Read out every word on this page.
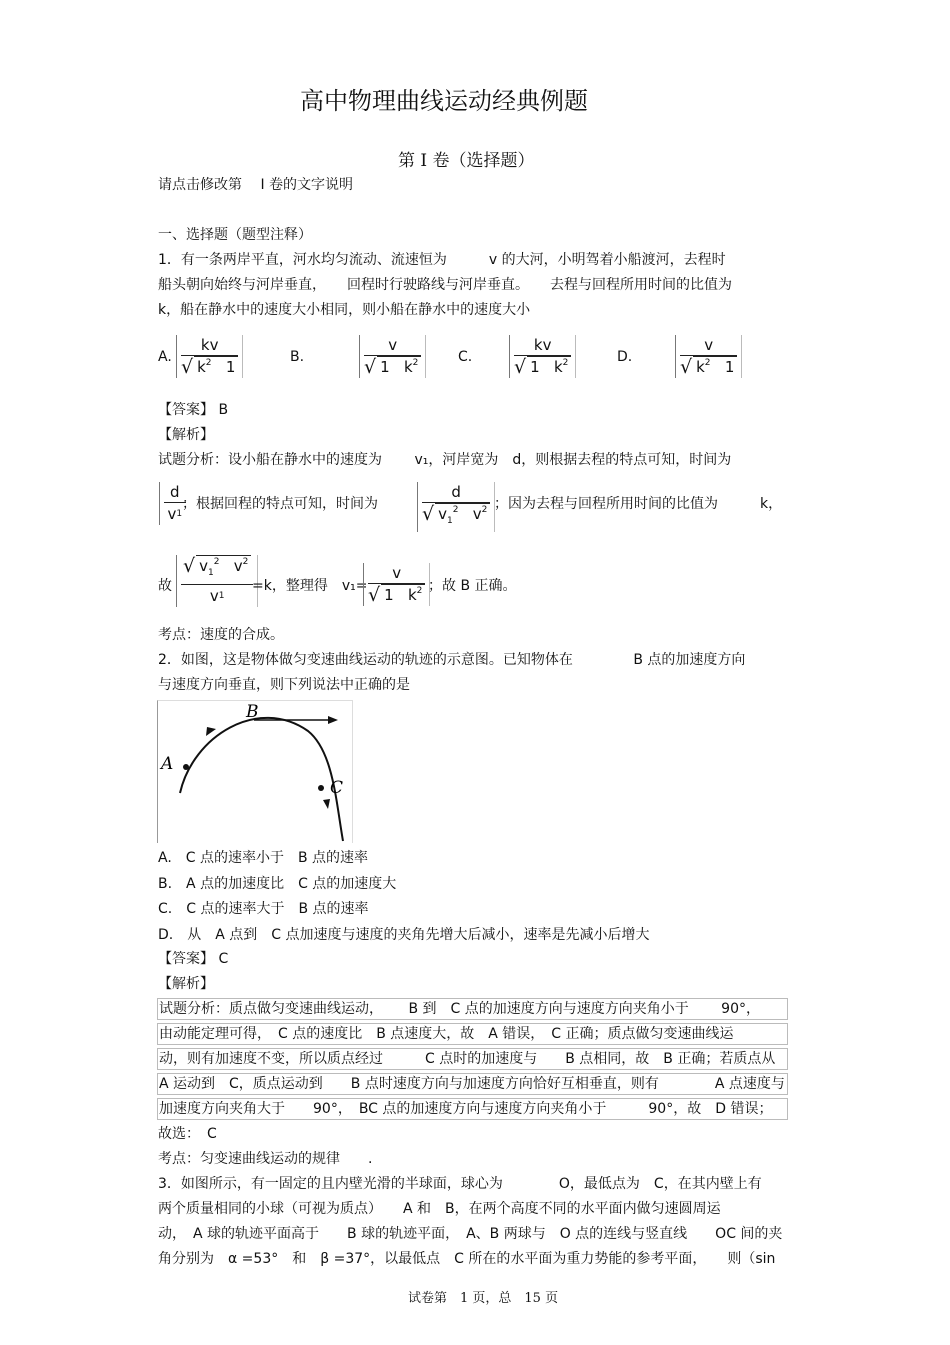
高中物理曲线运动经典例题
第 I 卷（选择题）
请点击修改第　 I 卷的文字说明
一、选择题（题型注释）
1．有一条两岸平直，河水均匀流动、流速恒为　　　v 的大河，小明驾着小船渡河，去程时
船头朝向始终与河岸垂直，　　回程时行驶路线与河岸垂直。　　去程与回程所用时间的比值为
k，船在静水中的速度大小相同，则小船在静水中的速度大小
A.
kv
√ $k^2$ 1
B.
v
√ 1 $k^2$	C.
kv
√ 1 $k^2$	D.
v
√ $k^2$ 1
【答案】 B
【解析】
试题分析：设小船在静水中的速度为　　 v₁，河岸宽为　d，则根据去程的特点可知，时间为
d
v 1
；根据回程的特点可知，时间为
d
√ $v_1^2$   $v^2$ ；因为去程与回程所用时间的比值为　　　k，
故
√ $v_1^2$   $v^2$
v 1
=k，整理得　v₁=
v
√ 1   $k^2$ ；故 B 正确。
考点：速度的合成。
2．如图，这是物体做匀变速曲线运动的轨迹的示意图。已知物体在　　　　 B 点的加速度方向
与速度方向垂直，则下列说法中正确的是
A
B
C
A.　C 点的速率小于　B 点的速率
B.　A 点的加速度比　C 点的加速度大
C.　C 点的速率大于　B 点的速率
D.　从　A 点到　C 点加速度与速度的夹角先增大后减小，速率是先减小后增大
【答案】 C
【解析】
试题分析：质点做匀变速曲线运动，　　 B 到　C 点的加速度方向与速度方向夹角小于　　 90°，
由动能定理可得，　C 点的速度比　B 点速度大，故　A 错误，　C 正确；质点做匀变速曲线运
动，则有加速度不变，所以质点经过　　　C 点时的加速度与　　B 点相同，故　B 正确；若质点从
A 运动到　C，质点运动到　　B 点时速度方向与加速度方向恰好互相垂直，则有　　　　A 点速度与
加速度方向夹角大于　　90°，　BC 点的加速度方向与速度方向夹角小于　　　90°，故　D 错误；
故选：　C
考点：匀变速曲线运动的规律　　.
3．如图所示，有一固定的且内壁光滑的半球面，球心为　　　　O，最低点为　C，在其内壁上有
两个质量相同的小球（可视为质点）　　A 和　B，在两个高度不同的水平面内做匀速圆周运
动，　A 球的轨迹平面高于　　B 球的轨迹平面，　A、B 两球与　O 点的连线与竖直线　　OC 间的夹
角分别为　α =53°　和　β =37°，以最低点　C 所在的水平面为重力势能的参考平面，　　则（sin
试卷第　1 页，总　15 页
